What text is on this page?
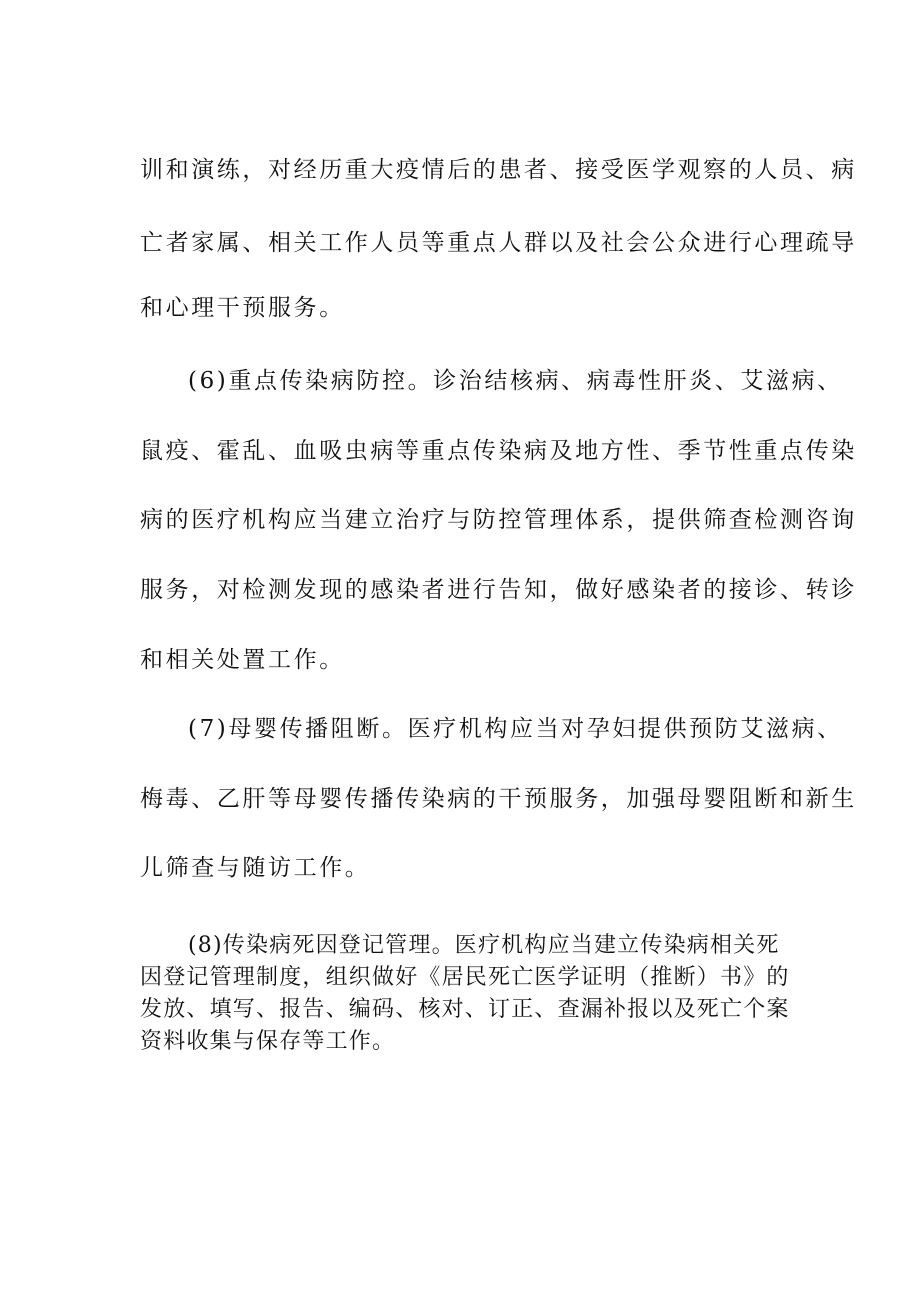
训和演练，对经历重大疫情后的患者、接受医学观察的人员、病

亡者家属、相关工作人员等重点人群以及社会公众进行心理疏导

和心理干预服务。

(6)重点传染病防控。诊治结核病、病毒性肝炎、艾滋病、

鼠疫、霍乱、血吸虫病等重点传染病及地方性、季节性重点传染

病的医疗机构应当建立治疗与防控管理体系，提供筛查检测咨询

服务，对检测发现的感染者进行告知，做好感染者的接诊、转诊

和相关处置工作。

(7)母婴传播阻断。医疗机构应当对孕妇提供预防艾滋病、

梅毒、乙肝等母婴传播传染病的干预服务，加强母婴阻断和新生

儿筛查与随访工作。

(8)传染病死因登记管理。医疗机构应当建立传染病相关死

因登记管理制度，组织做好《居民死亡医学证明（推断）书》的

发放、填写、报告、编码、核对、订正、查漏补报以及死亡个案

资料收集与保存等工作。
